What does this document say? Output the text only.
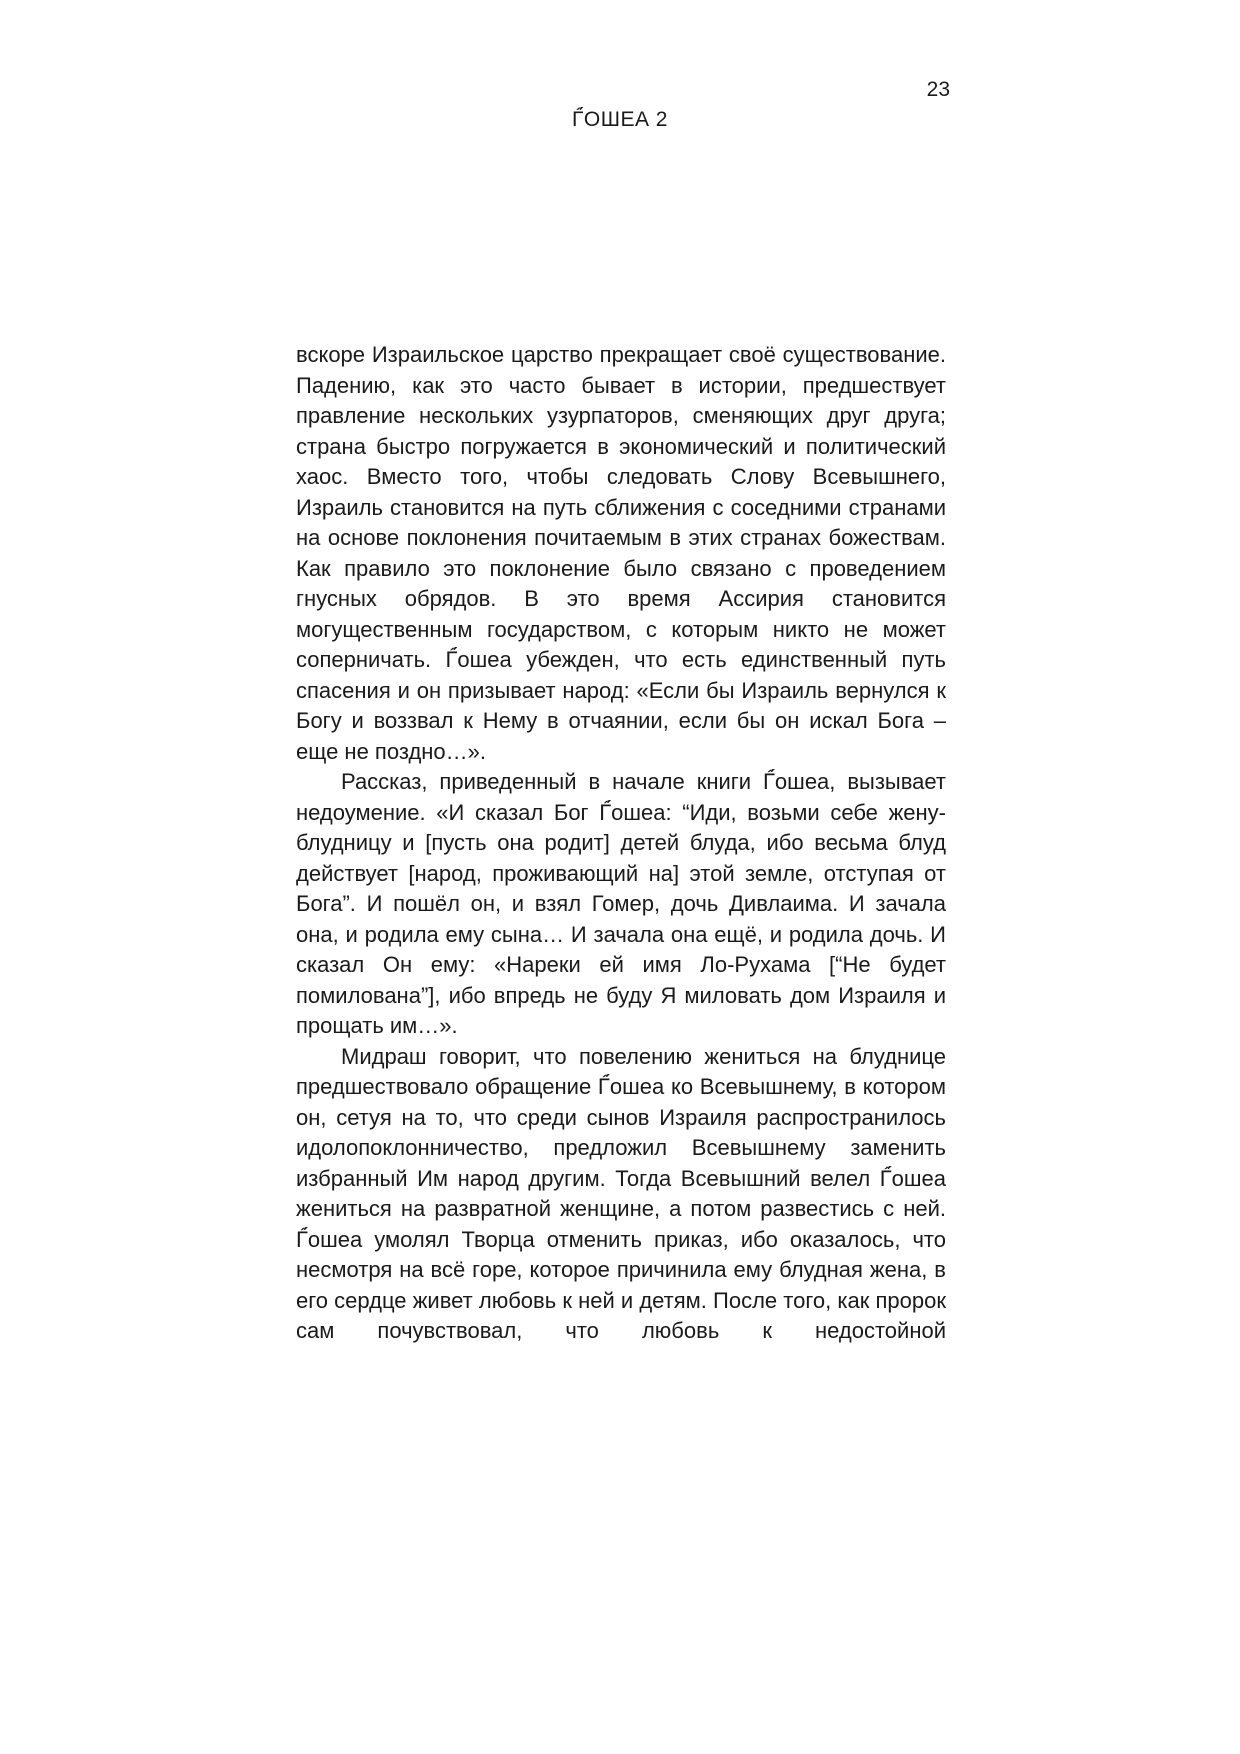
23
Ѓ́ОШЕА 2

вскоре Израильское царство прекращает своё существование. Падению, как это часто бывает в истории, предшествует правление нескольких узурпаторов, сменяющих друг друга; страна быстро погружается в экономический и политический хаос. Вместо того, чтобы следовать Слову Всевышнего, Израиль становится на путь сближения с соседними странами на основе поклонения почитаемым в этих странах божествам. Как правило это поклонение было связано с проведением гнусных обрядов. В это время Ассирия становится могущественным государством, с которым никто не может соперничать. Ѓ́ошеа убежден, что есть единственный путь спасения и он призывает народ: «Если бы Израиль вернулся к Богу и воззвал к Нему в отчаянии, если бы он искал Бога – еще не поздно…».

Рассказ, приведенный в начале книги Ѓ́ошеа, вызывает недоумение. «И сказал Бог Ѓ́ошеа: “Иди, возьми себе жену-блудницу и [пусть она родит] детей блуда, ибо весьма блуд действует [народ, проживающий на] этой земле, отступая от Бога”. И пошёл он, и взял Гомер, дочь Дивлаима. И зачала она, и родила ему сына… И зачала она ещё, и родила дочь. И сказал Он ему: «Нареки ей имя Ло-Рухама [“Не будет помилована”], ибо впредь не буду Я миловать дом Израиля и прощать им…».

Мидраш говорит, что повелению жениться на блуднице предшествовало обращение Ѓ́ошеа ко Всевышнему, в котором он, сетуя на то, что среди сынов Израиля распространилось идолопоклонничество, предложил Всевышнему заменить избранный Им народ другим. Тогда Всевышний велел Ѓ́ошеа жениться на развратной женщине, а потом развестись с ней. Ѓ́ошеа умолял Творца отменить приказ, ибо оказалось, что несмотря на всё горе, которое причинила ему блудная жена, в его сердце живет любовь к ней и детям. После того, как пророк сам почувствовал, что любовь к недостойной
